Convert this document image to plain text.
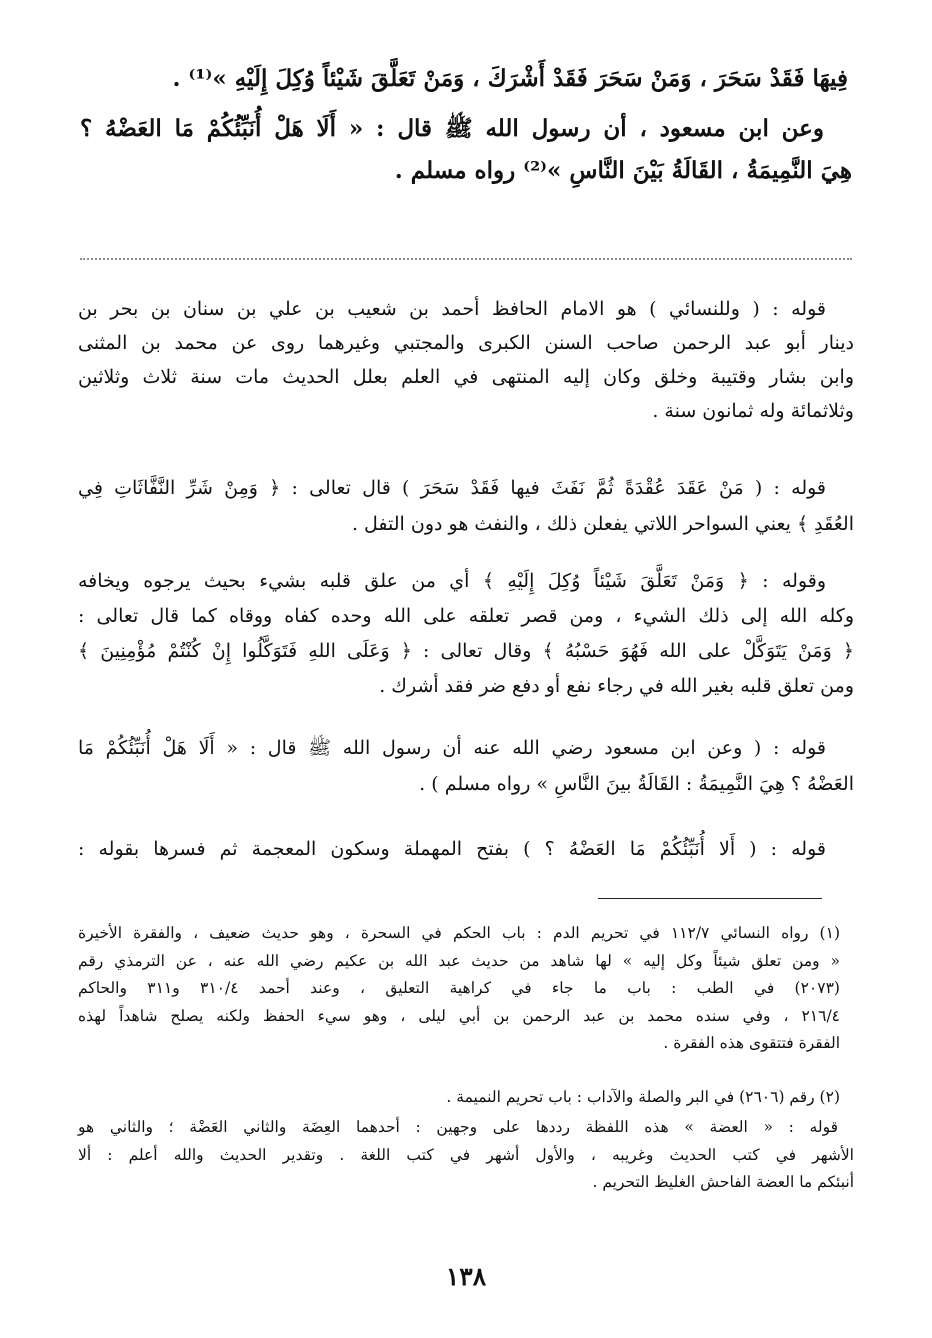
فِيهَا فَقَدْ سَحَرَ ، وَمَنْ سَحَرَ فَقَدْ أَشْرَكَ ، وَمَنْ تَعَلَّقَ شَيْئاً وُكِلَ إِلَيْهِ »⁽¹⁾ .
وعن ابن مسعود ، أن رسول الله ﷺ قال : « أَلَا هَلْ أُنَبِّئُكُمْ مَا العَضْهُ ؟
هِيَ النَّمِيمَةُ ، القَالَةُ بَيْنَ النَّاسِ »⁽²⁾ رواه مسلم .
قوله : ( وللنسائي ) هو الامام الحافظ أحمد بن شعيب بن علي بن سنان بن بحر بن
دينار أبو عبد الرحمن صاحب السنن الكبرى والمجتبي وغيرهما روى عن محمد بن المثنى
وابن بشار وقتيبة وخلق وكان إليه المنتهى في العلم بعلل الحديث مات سنة ثلاث وثلاثين
وثلاثمائة وله ثمانون سنة .
قوله : ( مَنْ عَقَدَ عُقْدَةً ثُمَّ نَفَثَ فيها فَقَدْ سَحَرَ ) قال تعالى : ﴿ وَمِنْ شَرِّ النَّفَّاثَاتِ فِي
العُقَدِ ﴾ يعني السواحر اللاتي يفعلن ذلك ، والنفث هو دون التفل .
وقوله : ﴿ وَمَنْ تَعَلَّقَ شَيْئاً وُكِلَ إِلَيْهِ ﴾ أي من علق قلبه بشيء بحيث يرجوه ويخافه
وكله الله إلى ذلك الشيء ، ومن قصر تعلقه على الله وحده كفاه ووقاه كما قال تعالى :
﴿ وَمَنْ يَتَوَكَّلْ على الله فَهُوَ حَسْبُهُ ﴾ وقال تعالى : ﴿ وَعَلَى اللهِ فَتَوَكَّلُوا إِنْ كُنْتُمْ مُؤْمِنِينَ ﴾
ومن تعلق قلبه بغير الله في رجاء نفع أو دفع ضر فقد أشرك .
قوله : ( وعن ابن مسعود رضي الله عنه أن رسول الله ﷺ قال : « أَلَا هَلْ أُنَبِّئُكُمْ مَا
العَضْهُ ؟ هِيَ النَّمِيمَةُ : القَالَةُ بينَ النَّاسِ » رواه مسلم ) .
قوله : ( أَلا أُنَبِّئُكُمْ مَا العَضْهُ ؟ ) بفتح المهملة وسكون المعجمة ثم فسرها بقوله :
(١) رواه النسائي ١١٢/٧ في تحريم الدم : باب الحكم في السحرة ، وهو حديث ضعيف ، والفقرة الأخيرة
« ومن تعلق شيئاً وكل إليه » لها شاهد من حديث عبد الله بن عكيم رضي الله عنه ، عن الترمذي رقم
(٢٠٧٣) في الطب : باب ما جاء في كراهية التعليق ، وعند أحمد ٣١٠/٤ و٣١١ والحاكم
٢١٦/٤ ، وفي سنده محمد بن عبد الرحمن بن أبي ليلى ، وهو سيء الحفظ ولكنه يصلح شاهداً لهذه
الفقرة فتتقوى هذه الفقرة .
(٢) رقم (٢٦٠٦) في البر والصلة والآداب : باب تحريم النميمة .
قوله : « العضة » هذه اللفظة رددها على وجهين : أحدهما العِضَة والثاني العَضْة ؛ والثاني هو
الأشهر في كتب الحديث وغريبه ، والأول أشهر في كتب اللغة . وتقدير الحديث والله أعلم : ألا
أنبئكم ما العضة الفاحش الغليظ التحريم .
١٣٨
